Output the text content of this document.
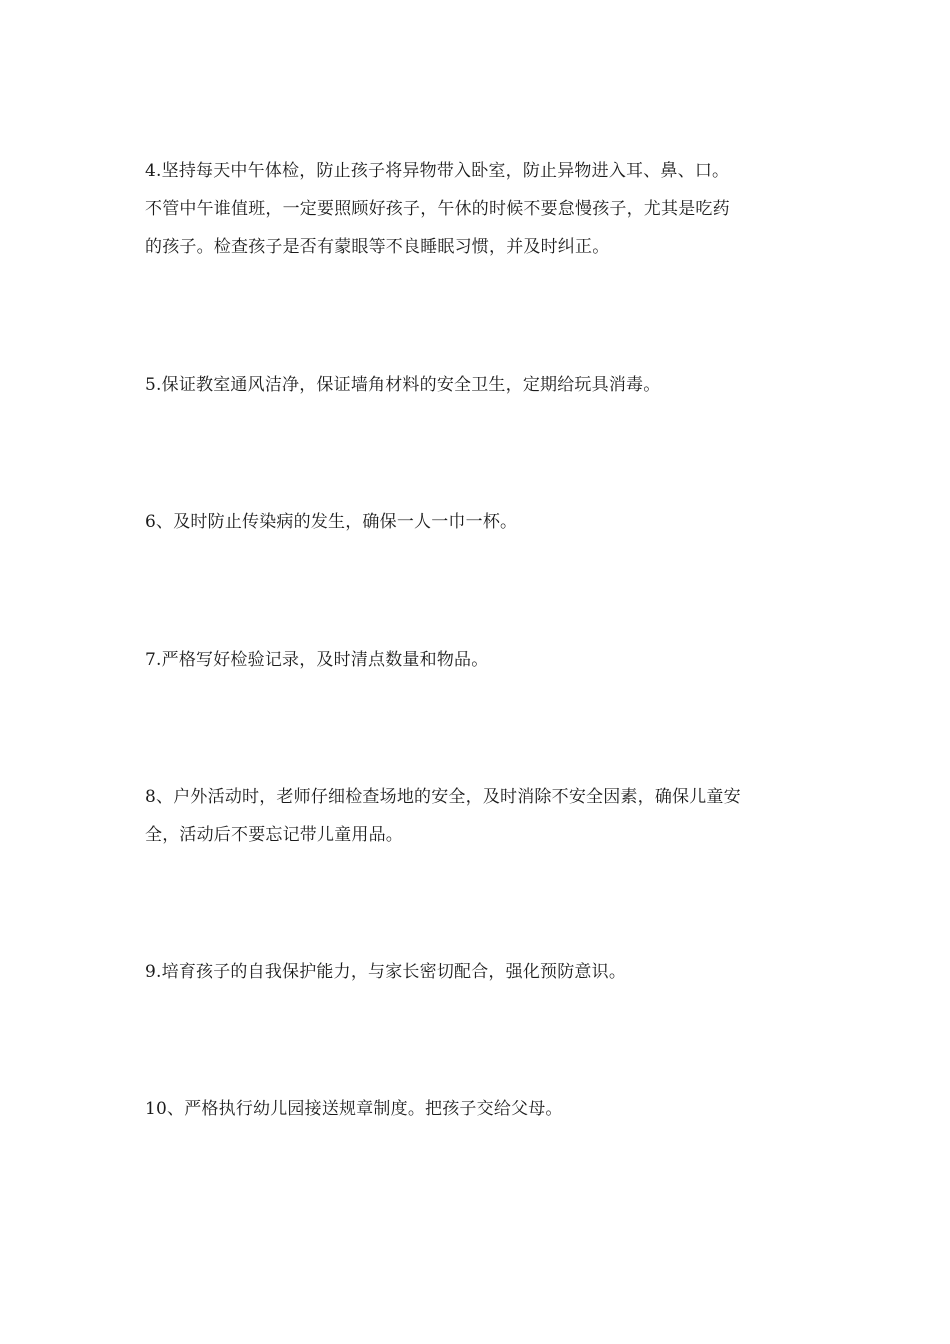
4.坚持每天中午体检，防止孩子将异物带入卧室，防止异物进入耳、鼻、口。
不管中午谁值班，一定要照顾好孩子，午休的时候不要怠慢孩子，尤其是吃药
的孩子。检查孩子是否有蒙眼等不良睡眠习惯，并及时纠正。

5.保证教室通风洁净，保证墙角材料的安全卫生，定期给玩具消毒。

6、及时防止传染病的发生，确保一人一巾一杯。

7.严格写好检验记录，及时清点数量和物品。

8、户外活动时，老师仔细检查场地的安全，及时消除不安全因素，确保儿童安
全，活动后不要忘记带儿童用品。

9.培育孩子的自我保护能力，与家长密切配合，强化预防意识。

10、严格执行幼儿园接送规章制度。把孩子交给父母。
